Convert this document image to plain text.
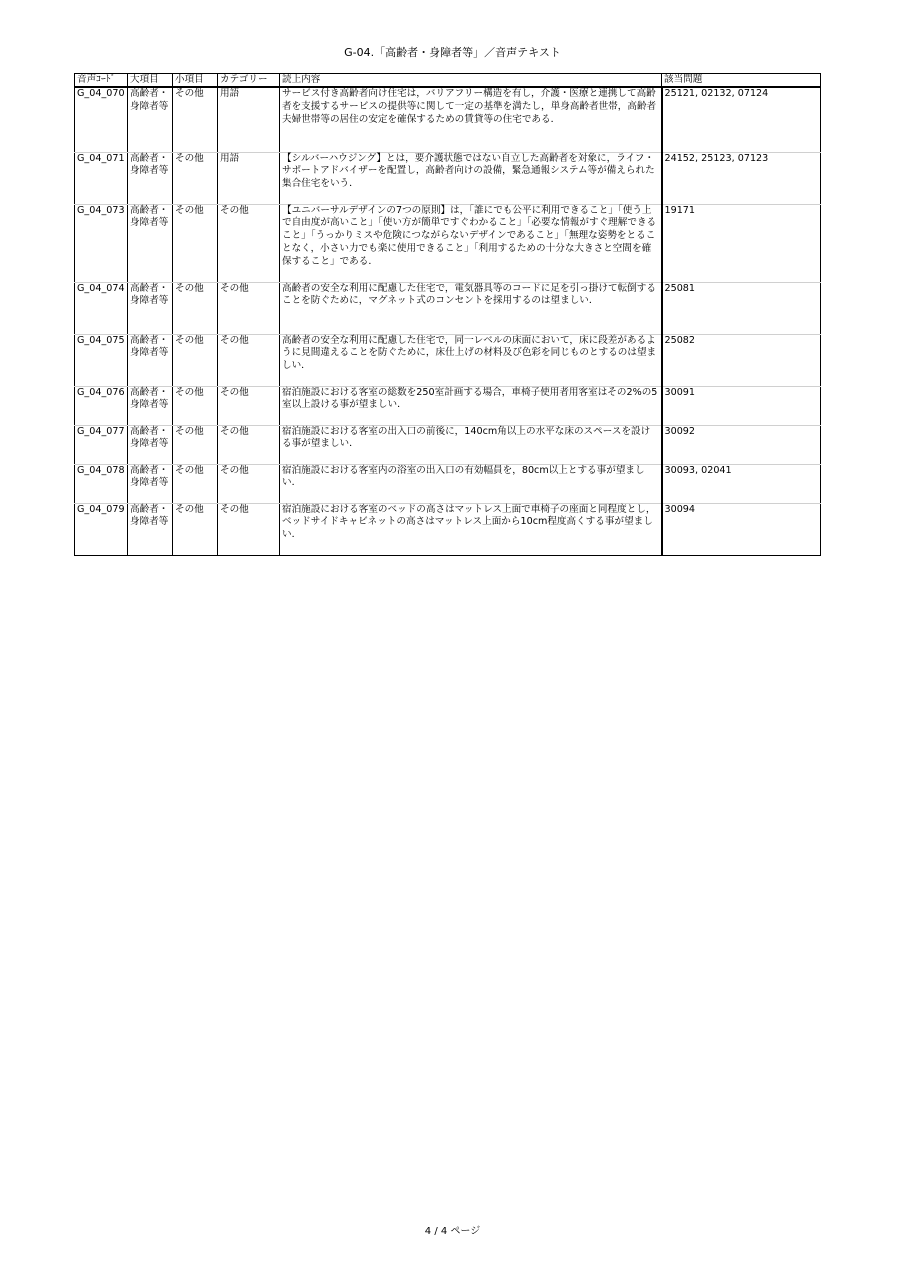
G-04.「高齢者・身障者等」／音声テキスト
音声ｺｰﾄﾞ	大項目	小項目	カテゴリー	読上内容	該当問題
G_04_070	高齢者・身障者等	その他	用語	サービス付き高齢者向け住宅は，バリアフリー構造を有し，介護・医療と連携して高齢者を支援するサービスの提供等に関して一定の基準を満たし，単身高齢者世帯，高齢者夫婦世帯等の居住の安定を確保するための賃貸等の住宅である．	25121, 02132, 07124
G_04_071	高齢者・身障者等	その他	用語	【シルバーハウジング】とは，要介護状態ではない自立した高齢者を対象に，ライフ・サポートアドバイザーを配置し，高齢者向けの設備，緊急通報システム等が備えられた集合住宅をいう．	24152, 25123, 07123
G_04_073	高齢者・身障者等	その他	その他	【ユニバーサルデザインの7つの原則】は，「誰にでも公平に利用できること」「使う上で自由度が高いこと」「使い方が簡単ですぐわかること」「必要な情報がすぐ理解できること」「うっかりミスや危険につながらないデザインであること」「無理な姿勢をとることなく，小さい力でも楽に使用できること」「利用するための十分な大きさと空間を確保すること」である．	19171
G_04_074	高齢者・身障者等	その他	その他	高齢者の安全な利用に配慮した住宅で，電気器具等のコードに足を引っ掛けて転倒することを防ぐために，マグネット式のコンセントを採用するのは望ましい．	25081
G_04_075	高齢者・身障者等	その他	その他	高齢者の安全な利用に配慮した住宅で，同一レベルの床面において，床に段差があるように見間違えることを防ぐために，床仕上げの材料及び色彩を同じものとするのは望ましい．	25082
G_04_076	高齢者・身障者等	その他	その他	宿泊施設における客室の総数を250室計画する場合，車椅子使用者用客室はその2%の5室以上設ける事が望ましい．	30091
G_04_077	高齢者・身障者等	その他	その他	宿泊施設における客室の出入口の前後に，140cm角以上の水平な床のスペースを設ける事が望ましい．	30092
G_04_078	高齢者・身障者等	その他	その他	宿泊施設における客室内の浴室の出入口の有効幅員を，80cm以上とする事が望ましい．	30093, 02041
G_04_079	高齢者・身障者等	その他	その他	宿泊施設における客室のベッドの高さはマットレス上面で車椅子の座面と同程度とし，ベッドサイドキャビネットの高さはマットレス上面から10cm程度高くする事が望ましい．	30094
4 / 4 ページ
